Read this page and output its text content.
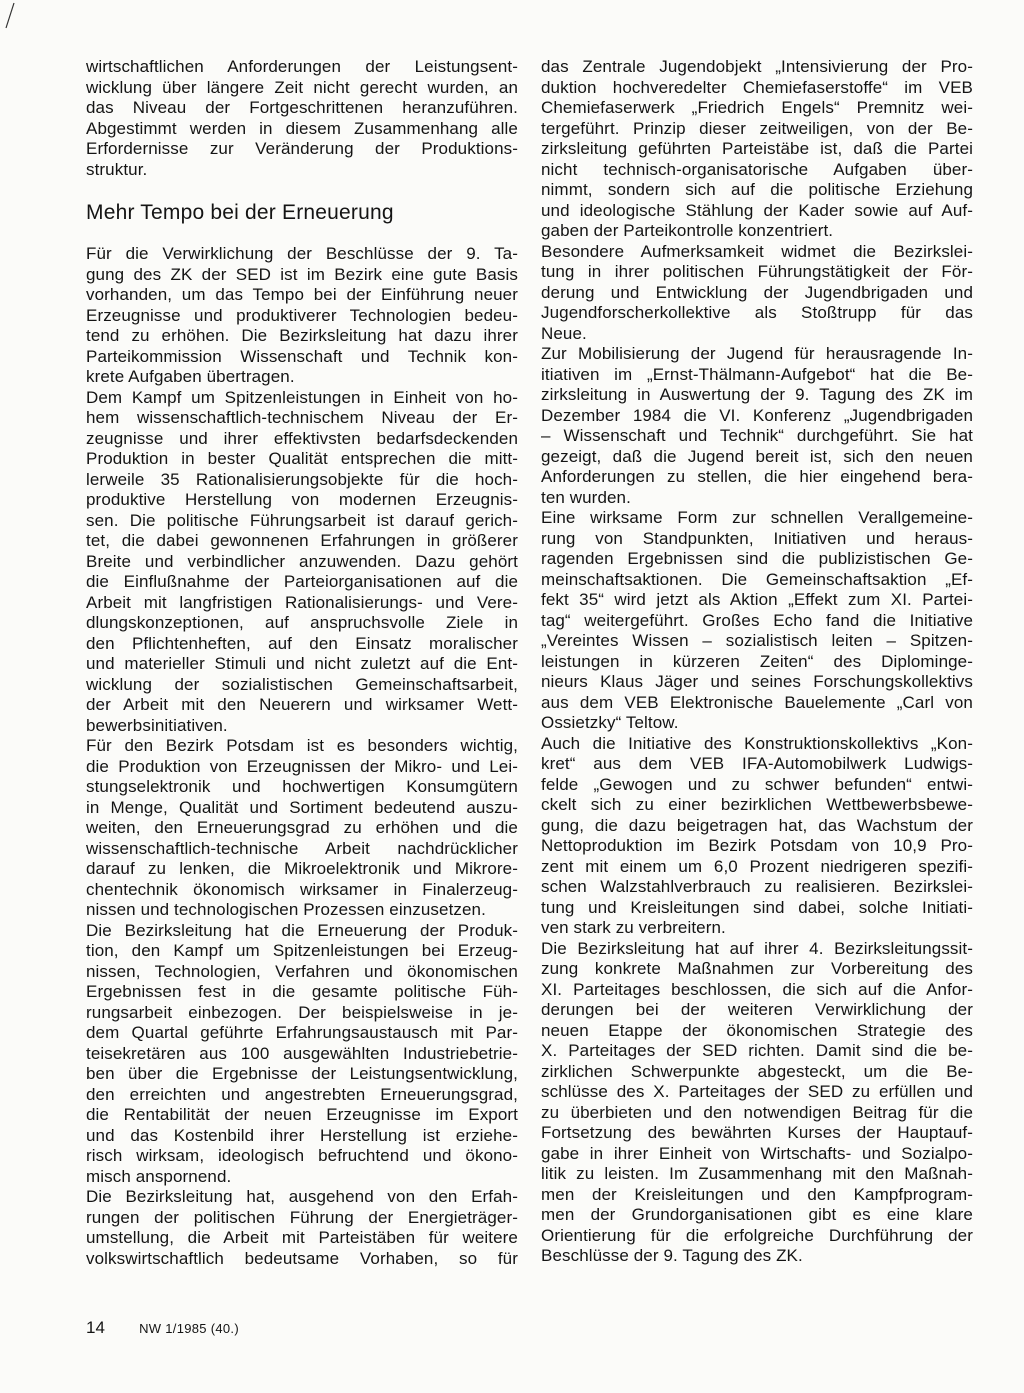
wirtschaftlichen Anforderungen der Leistungsent-
wicklung über längere Zeit nicht gerecht wurden, an
das Niveau der Fortgeschrittenen heranzuführen.
Abgestimmt werden in diesem Zusammenhang alle
Erfordernisse zur Veränderung der Produktions-
struktur.
Mehr Tempo bei der Erneuerung
Für die Verwirklichung der Beschlüsse der 9. Ta-
gung des ZK der SED ist im Bezirk eine gute Basis
vorhanden, um das Tempo bei der Einführung neuer
Erzeugnisse und produktiverer Technologien bedeu-
tend zu erhöhen. Die Bezirksleitung hat dazu ihrer
Parteikommission Wissenschaft und Technik kon-
krete Aufgaben übertragen.
Dem Kampf um Spitzenleistungen in Einheit von ho-
hem wissenschaftlich-technischem Niveau der Er-
zeugnisse und ihrer effektivsten bedarfsdeckenden
Produktion in bester Qualität entsprechen die mitt-
lerweile 35 Rationalisierungsobjekte für die hoch-
produktive Herstellung von modernen Erzeugnis-
sen. Die politische Führungsarbeit ist darauf gerich-
tet, die dabei gewonnenen Erfahrungen in größerer
Breite und verbindlicher anzuwenden. Dazu gehört
die Einflußnahme der Parteiorganisationen auf die
Arbeit mit langfristigen Rationalisierungs- und Vere-
dlungskonzeptionen, auf anspruchsvolle Ziele in
den Pflichtenheften, auf den Einsatz moralischer
und materieller Stimuli und nicht zuletzt auf die Ent-
wicklung der sozialistischen Gemeinschaftsarbeit,
der Arbeit mit den Neuerern und wirksamer Wett-
bewerbsinitiativen.
Für den Bezirk Potsdam ist es besonders wichtig,
die Produktion von Erzeugnissen der Mikro- und Lei-
stungselektronik und hochwertigen Konsumgütern
in Menge, Qualität und Sortiment bedeutend auszu-
weiten, den Erneuerungsgrad zu erhöhen und die
wissenschaftlich-technische Arbeit nachdrücklicher
darauf zu lenken, die Mikroelektronik und Mikrore-
chentechnik ökonomisch wirksamer in Finalerzeug-
nissen und technologischen Prozessen einzusetzen.
Die Bezirksleitung hat die Erneuerung der Produk-
tion, den Kampf um Spitzenleistungen bei Erzeug-
nissen, Technologien, Verfahren und ökonomischen
Ergebnissen fest in die gesamte politische Füh-
rungsarbeit einbezogen. Der beispielsweise in je-
dem Quartal geführte Erfahrungsaustausch mit Par-
teisekretären aus 100 ausgewählten Industriebetrie-
ben über die Ergebnisse der Leistungsentwicklung,
den erreichten und angestrebten Erneuerungsgrad,
die Rentabilität der neuen Erzeugnisse im Export
und das Kostenbild ihrer Herstellung ist erziehe-
risch wirksam, ideologisch befruchtend und ökono-
misch anspornend.
Die Bezirksleitung hat, ausgehend von den Erfah-
rungen der politischen Führung der Energieträger-
umstellung, die Arbeit mit Parteistäben für weitere
volkswirtschaftlich bedeutsame Vorhaben, so für
das Zentrale Jugendobjekt „Intensivierung der Pro-
duktion hochveredelter Chemiefaserstoffe“ im VEB
Chemiefaserwerk „Friedrich Engels“ Premnitz wei-
tergeführt. Prinzip dieser zeitweiligen, von der Be-
zirksleitung geführten Parteistäbe ist, daß die Partei
nicht technisch-organisatorische Aufgaben über-
nimmt, sondern sich auf die politische Erziehung
und ideologische Stählung der Kader sowie auf Auf-
gaben der Parteikontrolle konzentriert.
Besondere Aufmerksamkeit widmet die Bezirkslei-
tung in ihrer politischen Führungstätigkeit der För-
derung und Entwicklung der Jugendbrigaden und
Jugendforscherkollektive als Stoßtrupp für das
Neue.
Zur Mobilisierung der Jugend für herausragende In-
itiativen im „Ernst-Thälmann-Aufgebot“ hat die Be-
zirksleitung in Auswertung der 9. Tagung des ZK im
Dezember 1984 die VI. Konferenz „Jugendbrigaden
– Wissenschaft und Technik“ durchgeführt. Sie hat
gezeigt, daß die Jugend bereit ist, sich den neuen
Anforderungen zu stellen, die hier eingehend bera-
ten wurden.
Eine wirksame Form zur schnellen Verallgemeine-
rung von Standpunkten, Initiativen und heraus-
ragenden Ergebnissen sind die publizistischen Ge-
meinschaftsaktionen. Die Gemeinschaftsaktion „Ef-
fekt 35“ wird jetzt als Aktion „Effekt zum XI. Partei-
tag“ weitergeführt. Großes Echo fand die Initiative
„Vereintes Wissen – sozialistisch leiten – Spitzen-
leistungen in kürzeren Zeiten“ des Diplominge-
nieurs Klaus Jäger und seines Forschungskollektivs
aus dem VEB Elektronische Bauelemente „Carl von
Ossietzky“ Teltow.
Auch die Initiative des Konstruktionskollektivs „Kon-
kret“ aus dem VEB IFA-Automobilwerk Ludwigs-
felde „Gewogen und zu schwer befunden“ entwi-
ckelt sich zu einer bezirklichen Wettbewerbsbewe-
gung, die dazu beigetragen hat, das Wachstum der
Nettoproduktion im Bezirk Potsdam von 10,9 Pro-
zent mit einem um 6,0 Prozent niedrigeren spezifi-
schen Walzstahlverbrauch zu realisieren. Bezirkslei-
tung und Kreisleitungen sind dabei, solche Initiati-
ven stark zu verbreitern.
Die Bezirksleitung hat auf ihrer 4. Bezirksleitungssit-
zung konkrete Maßnahmen zur Vorbereitung des
XI. Parteitages beschlossen, die sich auf die Anfor-
derungen bei der weiteren Verwirklichung der
neuen Etappe der ökonomischen Strategie des
X. Parteitages der SED richten. Damit sind die be-
zirklichen Schwerpunkte abgesteckt, um die Be-
schlüsse des X. Parteitages der SED zu erfüllen und
zu überbieten und den notwendigen Beitrag für die
Fortsetzung des bewährten Kurses der Hauptauf-
gabe in ihrer Einheit von Wirtschafts- und Sozialpo-
litik zu leisten. Im Zusammenhang mit den Maßnah-
men der Kreisleitungen und den Kampfprogram-
men der Grundorganisationen gibt es eine klare
Orientierung für die erfolgreiche Durchführung der
Beschlüsse der 9. Tagung des ZK.
14	NW 1/1985 (40.)
